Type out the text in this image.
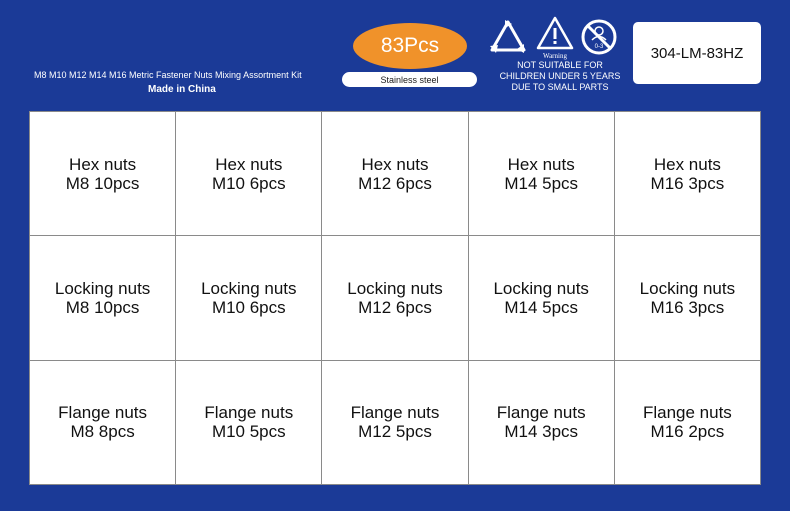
M8 M10 M12 M14 M16 Metric Fastener Nuts Mixing Assortment Kit
Made in China
83Pcs
Stainless steel
Warning
0-3
NOT SUITABLE FOR
CHILDREN UNDER 5 YEARS
DUE TO SMALL PARTS
304-LM-83HZ
Hex nuts
M8 10pcs
Hex nuts
M10 6pcs
Hex nuts
M12 6pcs
Hex nuts
M14 5pcs
Hex nuts
M16 3pcs
Locking nuts
M8 10pcs
Locking nuts
M10 6pcs
Locking nuts
M12 6pcs
Locking nuts
M14 5pcs
Locking nuts
M16 3pcs
Flange nuts
M8 8pcs
Flange nuts
M10 5pcs
Flange nuts
M12 5pcs
Flange nuts
M14 3pcs
Flange nuts
M16 2pcs
